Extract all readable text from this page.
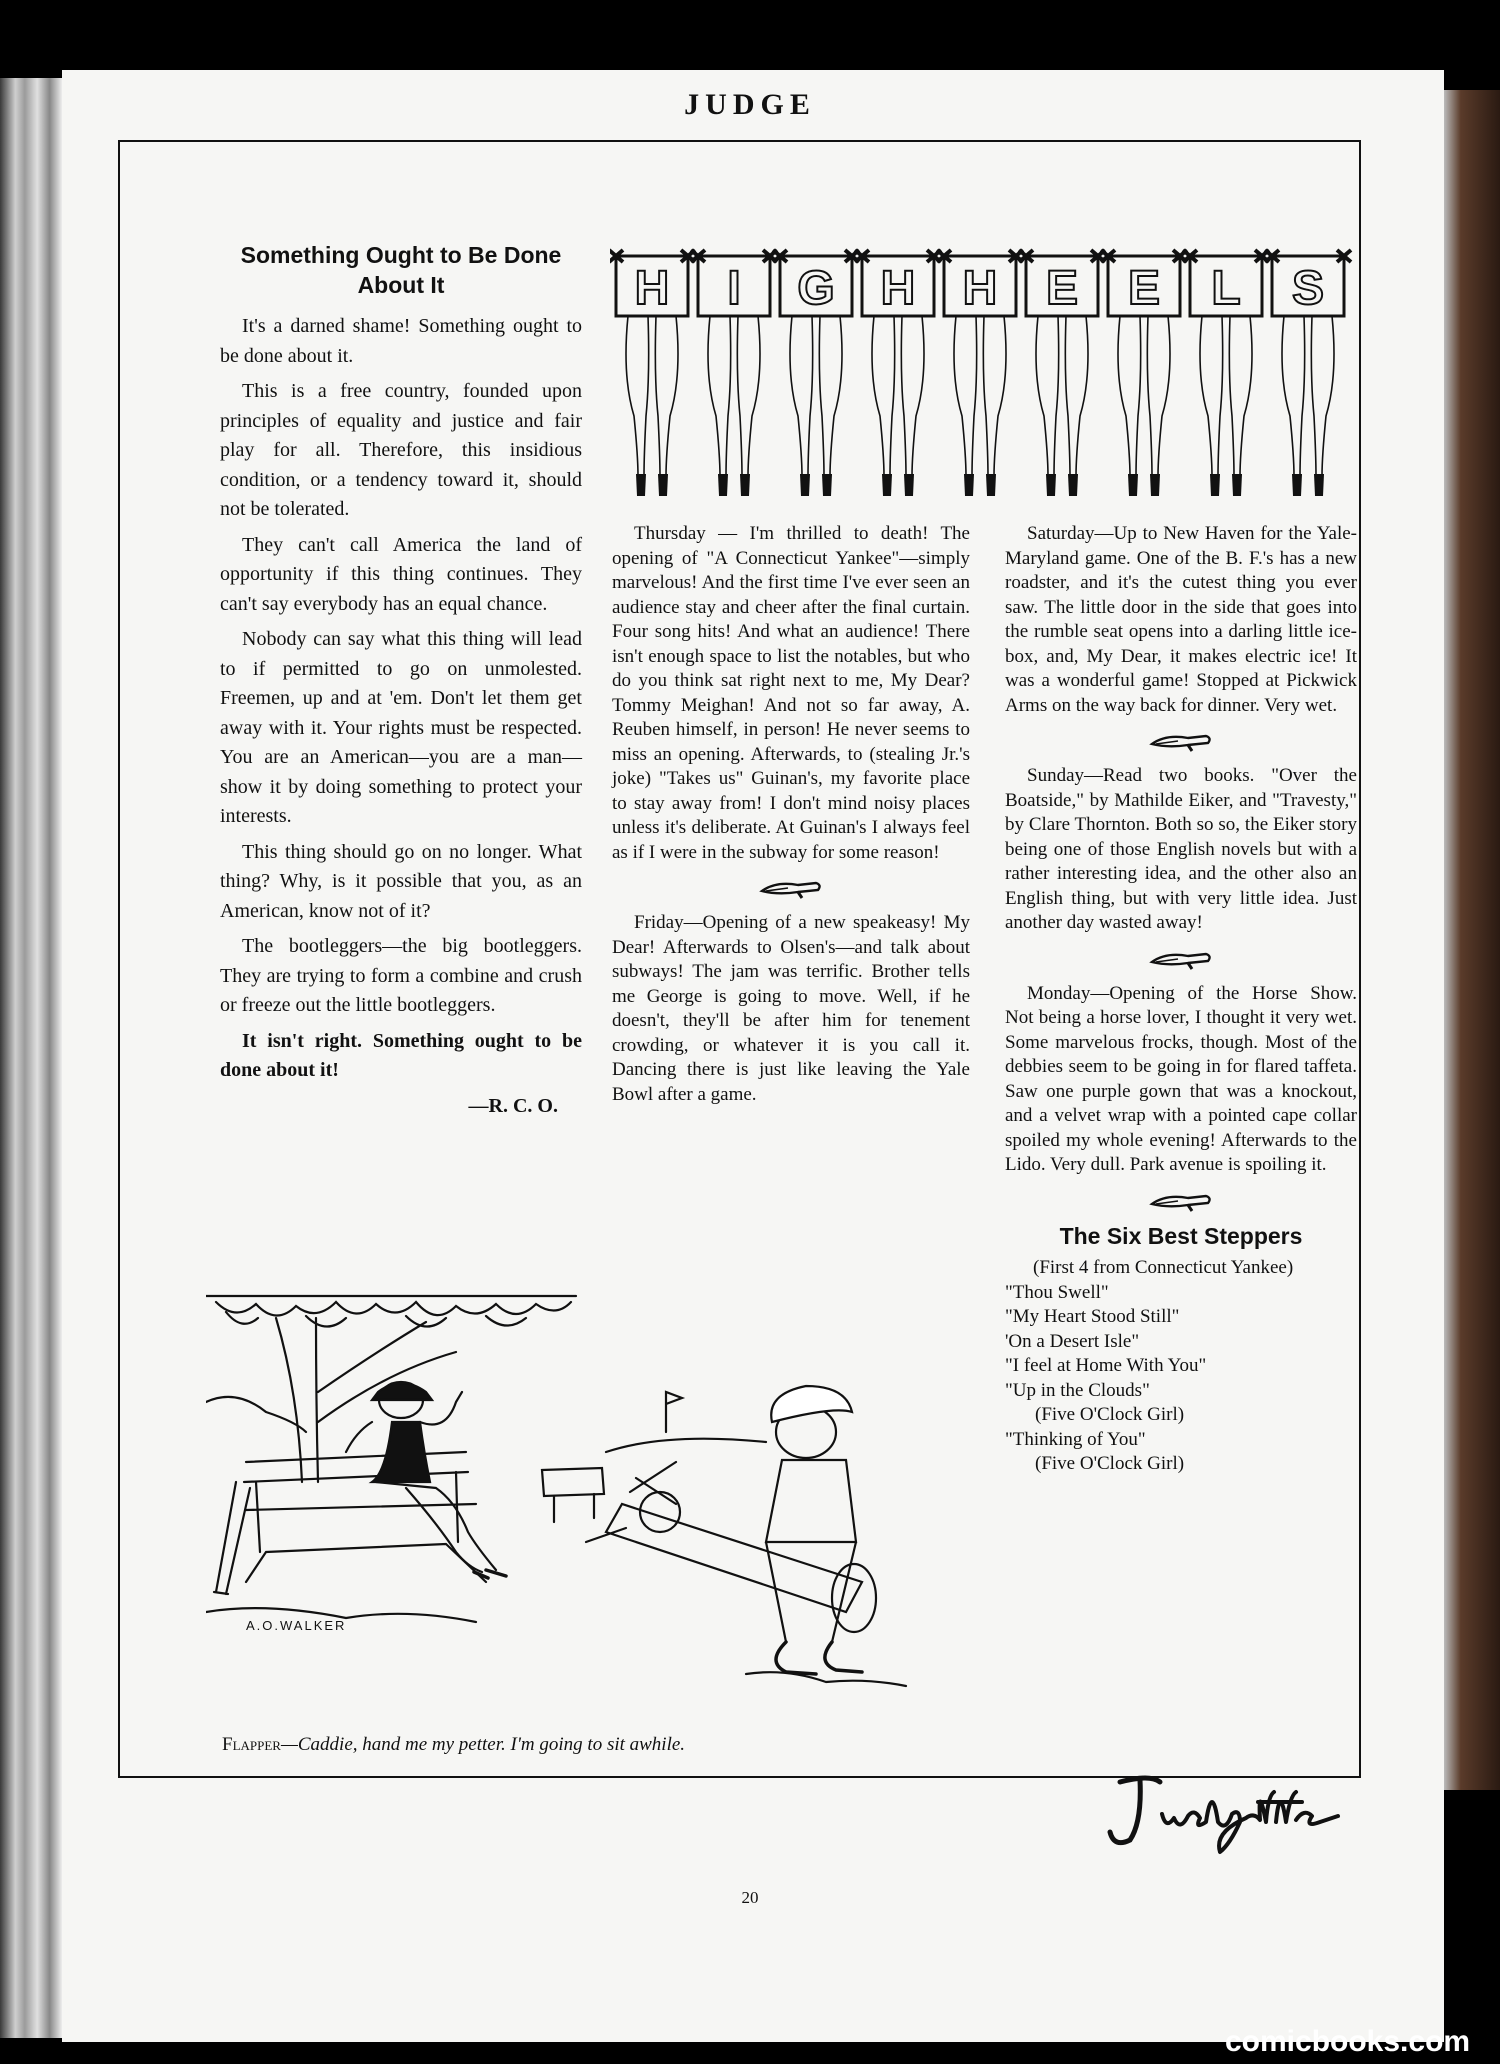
JUDGE
Something Ought to Be Done About It

It's a darned shame! Something ought to be done about it.

This is a free country, founded upon principles of equality and justice and fair play for all. Therefore, this insidious condition, or a tendency toward it, should not be tolerated.

They can't call America the land of opportunity if this thing continues. They can't say everybody has an equal chance.

Nobody can say what this thing will lead to if permitted to go on unmolested. Freemen, up and at 'em. Don't let them get away with it. Your rights must be respected. You are an American—you are a man—show it by doing something to protect your interests.

This thing should go on no longer. What thing? Why, is it possible that you, as an American, know not of it?

The bootleggers—the big bootleggers. They are trying to form a combine and crush or freeze out the little bootleggers.

It isn't right. Something ought to be done about it!

—R. C. O.
H I G H H E E L S

Thursday — I'm thrilled to death! The opening of "A Connecticut Yankee"—simply marvelous! And the first time I've ever seen an audience stay and cheer after the final curtain. Four song hits! And what an audience! There isn't enough space to list the notables, but who do you think sat right next to me, My Dear? Tommy Meighan! And not so far away, A. Reuben himself, in person! He never seems to miss an opening. Afterwards, to (stealing Jr.'s joke) "Takes us" Guinan's, my favorite place to stay away from! I don't mind noisy places unless it's deliberate. At Guinan's I always feel as if I were in the subway for some reason!

Friday—Opening of a new speakeasy! My Dear! Afterwards to Olsen's—and talk about subways! The jam was terrific. Brother tells me George is going to move. Well, if he doesn't, they'll be after him for tenement crowding, or whatever it is you call it. Dancing there is just like leaving the Yale Bowl after a game.

Saturday—Up to New Haven for the Yale-Maryland game. One of the B. F.'s has a new roadster, and it's the cutest thing you ever saw. The little door in the side that goes into the rumble seat opens into a darling little ice-box, and, My Dear, it makes electric ice! It was a wonderful game! Stopped at Pickwick Arms on the way back for dinner. Very wet.

Sunday—Read two books. "Over the Boatside," by Mathilde Eiker, and "Travesty," by Clare Thornton. Both so so, the Eiker story being one of those English novels but with a rather interesting idea, and the other also an English thing, but with very little idea. Just another day wasted away!

Monday—Opening of the Horse Show. Not being a horse lover, I thought it very wet. Some marvelous frocks, though. Most of the debbies seem to be going in for flared taffeta. Saw one purple gown that was a knockout, and a velvet wrap with a pointed cape collar spoiled my whole evening! Afterwards to the Lido. Very dull. Park avenue is spoiling it.

The Six Best Steppers

(First 4 from Connecticut Yankee)

"Thou Swell"

"My Heart Stood Still"

'On a Desert Isle"

"I feel at Home With You"

"Up in the Clouds"

(Five O'Clock Girl)

"Thinking of You"

(Five O'Clock Girl)

A.O.WALKER
Flapper—Caddie, hand me my petter. I'm going to sit awhile.
20
comicbooks.com
